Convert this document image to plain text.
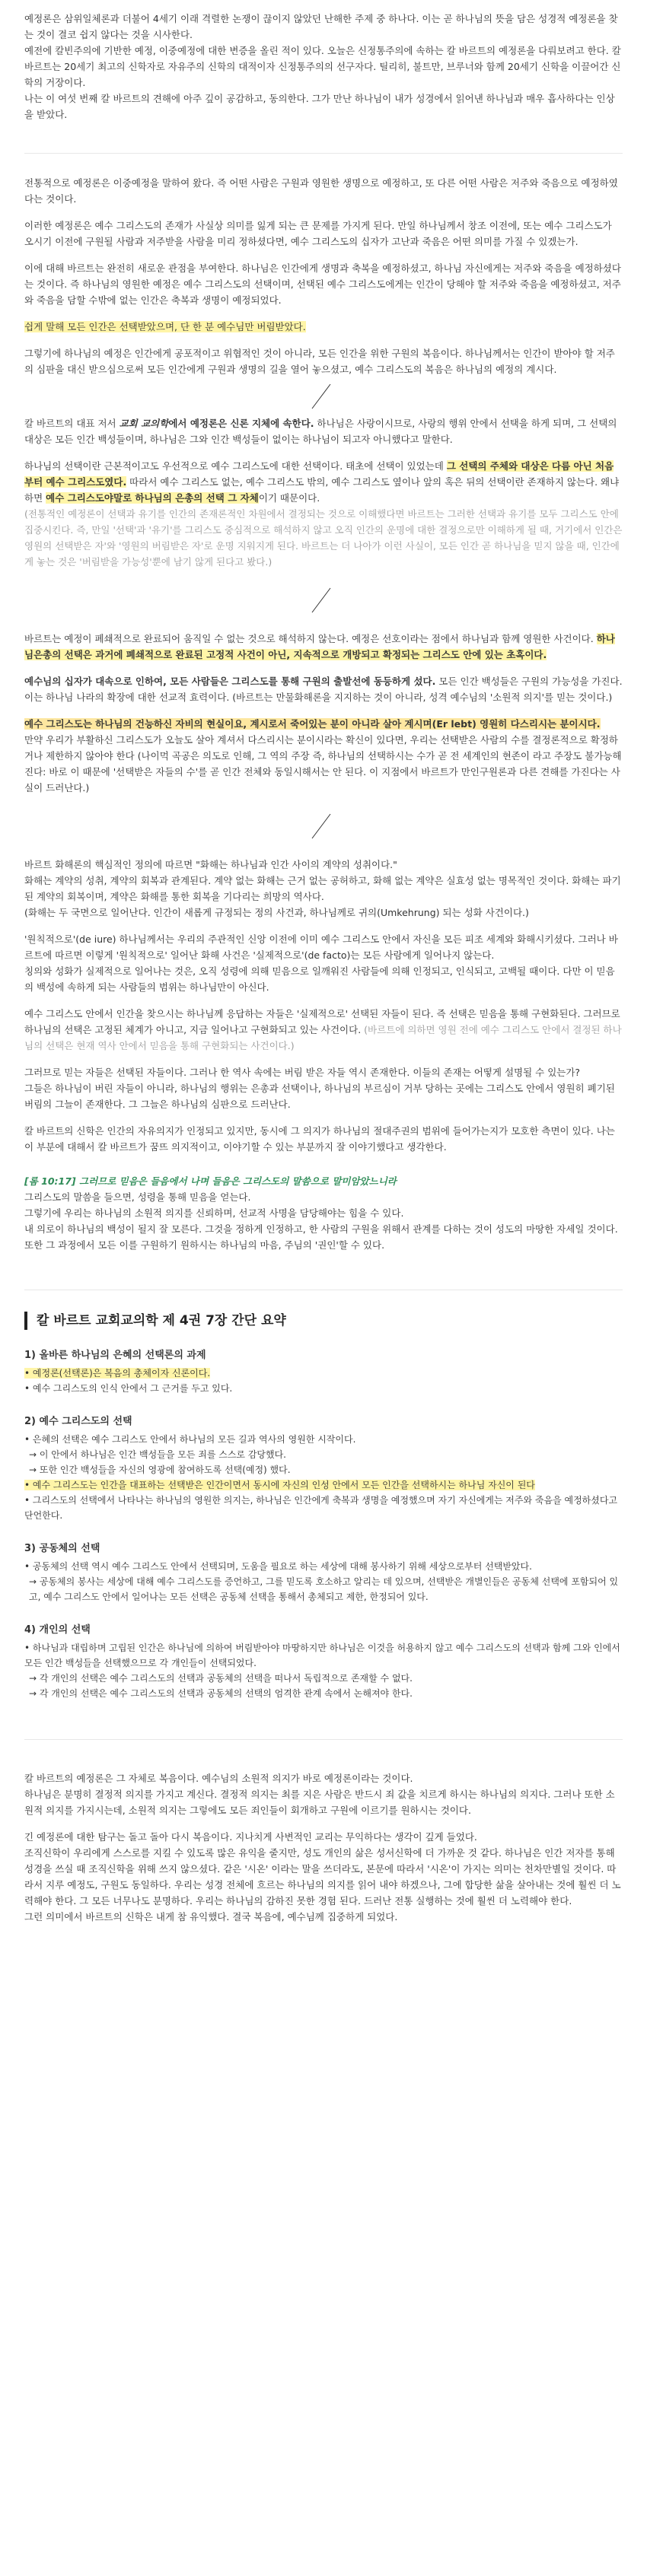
예정론은 삼위일체론과 더불어 4세기 이래 격렬한 논쟁이 끊이지 않았던 난해한 주제 중 하나다. 이는 곧 하나님의 뜻을 담은 성경적 예정론을 찾는 것이 결코 쉽지 않다는 것을 시사한다.

예전에 칼빈주의에 기반한 예정, 이중예정에 대한 변증을 올린 적이 있다. 오늘은 신정통주의에 속하는 칼 바르트의 예정론을 다뤄보려고 한다. 칼 바르트는 20세기 최고의 신학자로 자유주의 신학의 대적이자 신정통주의의 선구자다. 틸리히, 불트만, 브루너와 함께 20세기 신학을 이끌어간 신학의 거장이다.

나는 이 여섯 번째 칼 바르트의 견해에 아주 깊이 공감하고, 동의한다. 그가 만난 하나님이 내가 성경에서 읽어낸 하나님과 매우 흡사하다는 인상을 받았다.

전통적으로 예정론은 이중예정을 말하여 왔다. 즉 어떤 사람은 구원과 영원한 생명으로 예정하고, 또 다른 어떤 사람은 저주와 죽음으로 예정하였다는 것이다.

이러한 예정론은 예수 그리스도의 존재가 사실상 의미를 잃게 되는 큰 문제를 가지게 된다. 만일 하나님께서 창조 이전에, 또는 예수 그리스도가 오시기 이전에 구원될 사람과 저주받을 사람을 미리 정하셨다면, 예수 그리스도의 십자가 고난과 죽음은 어떤 의미를 가질 수 있겠는가.

이에 대해 바르트는 완전히 새로운 관점을 부여한다. 하나님은 인간에게 생명과 축복을 예정하셨고, 하나님 자신에게는 저주와 죽음을 예정하셨다는 것이다. 즉 하나님의 영원한 예정은 예수 그리스도의 선택이며, 선택된 예수 그리스도에게는 인간이 당해야 할 저주와 죽음을 예정하셨고, 저주와 죽음을 담할 수밖에 없는 인간은 축복과 생명이 예정되었다.

쉽게 말해 모든 인간은 선택받았으며, 단 한 분 예수님만 버림받았다.

그렇기에 하나님의 예정은 인간에게 공포적이고 위협적인 것이 아니라, 모든 인간을 위한 구원의 복음이다. 하나님께서는 인간이 받아야 할 저주의 심판을 대신 받으심으로써 모든 인간에게 구원과 생명의 길을 열어 놓으셨고, 예수 그리스도의 복음은 하나님의 예정의 계시다.

칼 바르트의 대표 저서 교회 교의학에서 예정론은 신론 지체에 속한다. 하나님은 사랑이시므로, 사랑의 행위 안에서 선택을 하게 되며, 그 선택의 대상은 모든 인간 백성들이며, 하나님은 그와 인간 백성들이 없이는 하나님이 되고자 아니했다고 말한다.

하나님의 선택이란 근본적이고도 우선적으로 예수 그리스도에 대한 선택이다. 태초에 선택이 있었는데 그 선택의 주체와 대상은 다름 아닌 처음부터 예수 그리스도였다. 따라서 예수 그리스도 없는, 예수 그리스도 밖의, 예수 그리스도 옆이나 앞의 혹은 뒤의 선택이란 존재하지 않는다. 왜냐하면 예수 그리스도야말로 하나님의 은총의 선택 그 자체이기 때문이다.

(전통적인 예정론이 선택과 유기를 인간의 존재론적인 차원에서 결정되는 것으로 이해했다면 바르트는 그러한 선택과 유기를 모두 그리스도 안에 집중시킨다. 즉, 만일 '선택'과 '유기'를 그리스도 중심적으로 해석하지 않고 오직 인간의 운명에 대한 결정으로만 이해하게 될 때, 거기에서 인간은 영원의 선택받은 자'와 '영원의 버림받은 자'로 운명 지워지게 된다. 바르트는 더 나아가 이런 사실이, 모든 인간 곧 하나님을 믿지 않을 때, 인간에게 놓는 것은 '버림받을 가능성'뿐에 남기 않게 된다고 봤다.)

바르트는 예정이 폐쇄적으로 완료되어 움직일 수 없는 것으로 해석하지 않는다. 예정은 선호이라는 점에서 하나님과 함께 영원한 사건이다. 하나님은총의 선택은 과거에 폐쇄적으로 완료된 고정적 사건이 아닌, 지속적으로 개방되고 확정되는 그리스도 안에 있는 초혹이다.

예수님의 십자가 대속으로 인하여, 모든 사람들은 그리스도를 통해 구원의 출발선에 동등하게 섰다. 모든 인간 백성들은 구원의 가능성을 가진다. 이는 하나님 나라의 확장에 대한 선교적 효력이다. (바르트는 만물화해론을 지지하는 것이 아니라, 성격 예수님의 '소원적 의지'를 믿는 것이다.)

예수 그리스도는 하나님의 건능하신 자비의 현실이요, 계시로서 죽어있는 분이 아니라 살아 계시며(Er lebt) 영원히 다스리시는 분이시다.

만약 우리가 부활하신 그리스도가 오늘도 살아 계셔서 다스리시는 분이시라는 확신이 있다면, 우리는 선택받은 사람의 수를 결정론적으로 확정하거나 제한하지 않아야 한다 (나이먹 곡공은 의도로 인해, 그 역의 주장 즉, 하나님의 선택하시는 수가 곧 전 세계인의 현존이 라고 주장도 불가능해진다: 바로 이 때문에 '선택받은 자들의 수'를 곧 인간 전체와 동일시해서는 안 된다. 이 지점에서 바르트가 만인구원론과 다른 견해를 가진다는 사실이 드러난다.)

바르트 화해론의 핵심적인 정의에 따르면 "화해는 하나님과 인간 사이의 계약의 성취이다."

화해는 계약의 성취, 계약의 회복과 관계된다. 계약 없는 화해는 근거 없는 공허하고, 화해 없는 계약은 실효성 없는 명목적인 것이다. 화해는 파기된 계약의 회복이며, 계약은 화해를 통한 회복을 기다리는 희망의 역사다.

(화해는 두 국면으로 일어난다. 인간이 새롭게 규정되는 정의 사건과, 하나님께로 귀의(Umkehrung) 되는 성화 사건이다.)

'원칙적으로'(de iure) 하나님께서는 우리의 주관적인 신앙 이전에 이미 예수 그리스도 안에서 자신을 모든 피조 세계와 화해시키셨다. 그러나 바르트에 따르면 이렇게 '원칙적으로' 일어난 화해 사건은 '실제적으로'(de facto)는 모든 사람에게 일어나지 않는다.

칭의와 성화가 실제적으로 일어나는 것은, 오직 성령에 의해 믿음으로 일깨워진 사람들에 의해 인정되고, 인식되고, 고백될 때이다. 다만 이 믿음의 백성에 속하게 되는 사람들의 범위는 하나님만이 아신다.

예수 그리스도 안에서 인간을 찾으시는 하나님께 응답하는 자들은 '실제적으로' 선택된 자들이 된다. 즉 선택은 믿음을 통해 구현화된다. 그러므로 하나님의 선택은 고정된 체계가 아니고, 지금 일어나고 구현화되고 있는 사건이다. (바르트에 의하면 영원 전에 예수 그리스도 안에서 결정된 하나님의 선택은 현재 역사 안에서 믿음을 통해 구현화되는 사건이다.)

그러므로 믿는 자들은 선택된 자들이다. 그러나 한 역사 속에는 버림 받은 자들 역시 존재한다. 이들의 존재는 어떻게 설명될 수 있는가?

그들은 하나님이 버린 자들이 아니라, 하나님의 행위는 은총과 선택이나, 하나님의 부르심이 거부 당하는 곳에는 그리스도 안에서 영원히 폐기된 버림의 그늘이 존재한다. 그 그늘은 하나님의 심판으로 드러난다.

칼 바르트의 신학은 인간의 자유의지가 인정되고 있지만, 동시에 그 의지가 하나님의 절대주권의 범위에 들어가는지가 모호한 측면이 있다. 나는 이 부분에 대해서 칼 바르트가 꿈뜨 의지적이고, 이야기할 수 있는 부분까지 잘 이야기했다고 생각한다.

[롬 10:17] 그러므로 믿음은 들음에서 나며 들음은 그리스도의 말씀으로 말미암았느니라

그리스도의 말씀을 들으면, 성령을 통해 믿음을 얻는다.

그렇기에 우리는 하나님의 소원적 의지를 신뢰하며, 선교적 사명을 담당해야는 힘을 수 있다.

내 의로이 하나님의 백성이 될지 잘 모른다. 그것을 정하게 인정하고, 한 사람의 구원을 위해서 관계를 다하는 것이 성도의 마땅한 자세일 것이다.

또한 그 과정에서 모든 이를 구원하기 원하시는 하나님의 마음, 주님의 '권인'할 수 있다.

칼 바르트 교회교의학 제 4권 7장 간단 요약
1) 올바른 하나님의 은혜의 선택론의 과제

• 예정론(선택론)은 복음의 총체이자 신론이다.

• 예수 그리스도의 인식 안에서 그 근거를 두고 있다.

2) 예수 그리스도의 선택

• 은혜의 선택은 예수 그리스도 안에서 하나님의 모든 길과 역사의 영원한 시작이다.

→ 이 안에서 하나님은 인간 백성들을 모든 죄를 스스로 감당했다.

→ 또한 인간 백성들을 자신의 영광에 참여하도록 선택(예정) 했다.

• 예수 그리스도는 인간을 대표하는 선택받은 인간이면서 동시에 자신의 인성 안에서 모든 인간을 선택하시는 하나님 자신이 된다

• 그리스도의 선택에서 나타나는 하나님의 영원한 의지는, 하나님은 인간에게 축복과 생명을 예정했으며 자기 자신에게는 저주와 죽음을 예정하셨다고 단언한다.

3) 공동체의 선택

• 공동체의 선택 역시 예수 그리스도 안에서 선택되며, 도움을 필요로 하는 세상에 대해 봉사하기 위해 세상으로부터 선택받았다.

→ 공동체의 봉사는 세상에 대해 예수 그리스도를 증언하고, 그를 믿도록 호소하고 알리는 데 있으며, 선택받은 개별인들은 공동체 선택에 포함되어 있고, 예수 그리스도 안에서 일어나는 모든 선택은 공동체 선택을 통해서 총체되고 제한, 한정되어 있다.

4) 개인의 선택

• 하나님과 대립하며 고립된 인간은 하나님에 의하여 버림받아야 마땅하지만 하나님은 이것을 허용하지 않고 예수 그리스도의 선택과 함께 그와 인에서 모든 인간 백성들을 선택했으므로 각 개인들이 선택되었다.

→ 각 개인의 선택은 예수 그리스도의 선택과 공동체의 선택을 떠나서 독립적으로 존재할 수 없다.

→ 각 개인의 선택은 예수 그리스도의 선택과 공동체의 선택의 엄격한 관계 속에서 논해져야 한다.

칼 바르트의 예정론은 그 자체로 복음이다. 예수님의 소원적 의지가 바로 예정론이라는 것이다.

하나님은 분명히 결정적 의지를 가지고 계신다. 결정적 의지는 최를 지은 사람은 반드시 죄 값을 치르게 하시는 하나님의 의지다. 그러나 또한 소원적 의지를 가지시는데, 소원적 의지는 그렇에도 모든 죄인들이 회개하고 구원에 이르기를 원하시는 것이다.

긴 예정론에 대한 탐구는 돌고 돌아 다시 복음이다. 지나치게 사변적인 교리는 무익하다는 생각이 깊게 들었다.

조직신학이 우리에게 스스로를 지킬 수 있도록 많은 유익을 줄지만, 성도 개인의 삶은 성서신학에 더 가까운 것 같다. 하나님은 인간 저자를 통해 성경을 쓰실 때 조직신학을 위해 쓰지 않으셨다. 같은 '시온' 이라는 말을 쓰더라도, 본문에 따라서 '시온'이 가지는 의미는 천차만별일 것이다. 따라서 지루 예정도, 구원도 동일하다. 우리는 성경 전체에 흐르는 하나님의 의지를 읽어 내야 하겠으나, 그에 합당한 삶을 살아내는 것에 훨씬 더 노력해야 한다. 그 모든 너무나도 분명하다. 우리는 하나님의 감하진 못한 경험 된다. 드러난 전통 실행하는 것에 훨씬 더 노력해야 한다.

그런 의미에서 바르트의 신학은 내게 참 유익했다. 결국 복음에, 예수님께 집중하게 되었다.
